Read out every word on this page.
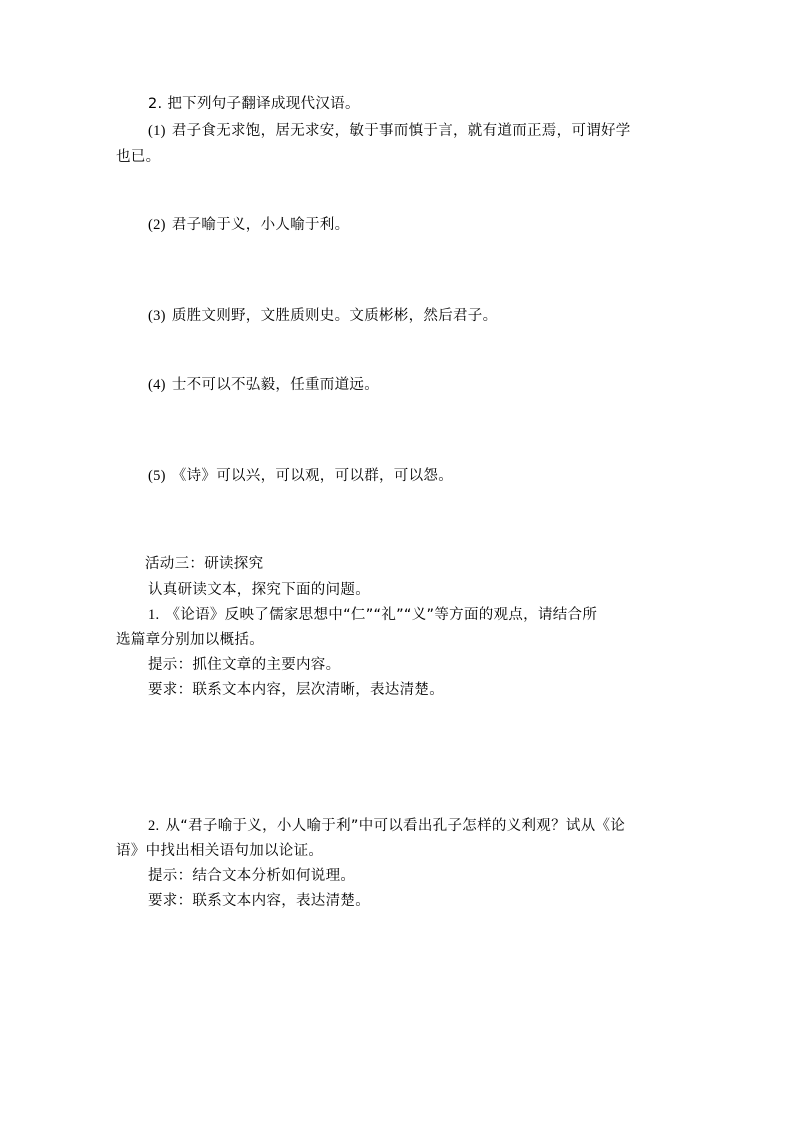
2. 把下列句子翻译成现代汉语。
(1) 君子食无求饱，居无求安，敏于事而慎于言，就有道而正焉，可谓好学
也已。
(2) 君子喻于义，小人喻于利。
(3) 质胜文则野，文胜质则史。文质彬彬，然后君子。
(4) 士不可以不弘毅，任重而道远。
(5) 《诗》可以兴，可以观，可以群，可以怨。
活动三：研读探究
认真研读文本，探究下面的问题。
1. 《论语》反映了儒家思想中“仁”“礼”“义”等方面的观点，请结合所
选篇章分别加以概括。
提示：抓住文章的主要内容。
要求：联系文本内容，层次清晰，表达清楚。
2. 从“君子喻于义，小人喻于利”中可以看出孔子怎样的义利观？试从《论
语》中找出相关语句加以论证。
提示：结合文本分析如何说理。
要求：联系文本内容，表达清楚。
